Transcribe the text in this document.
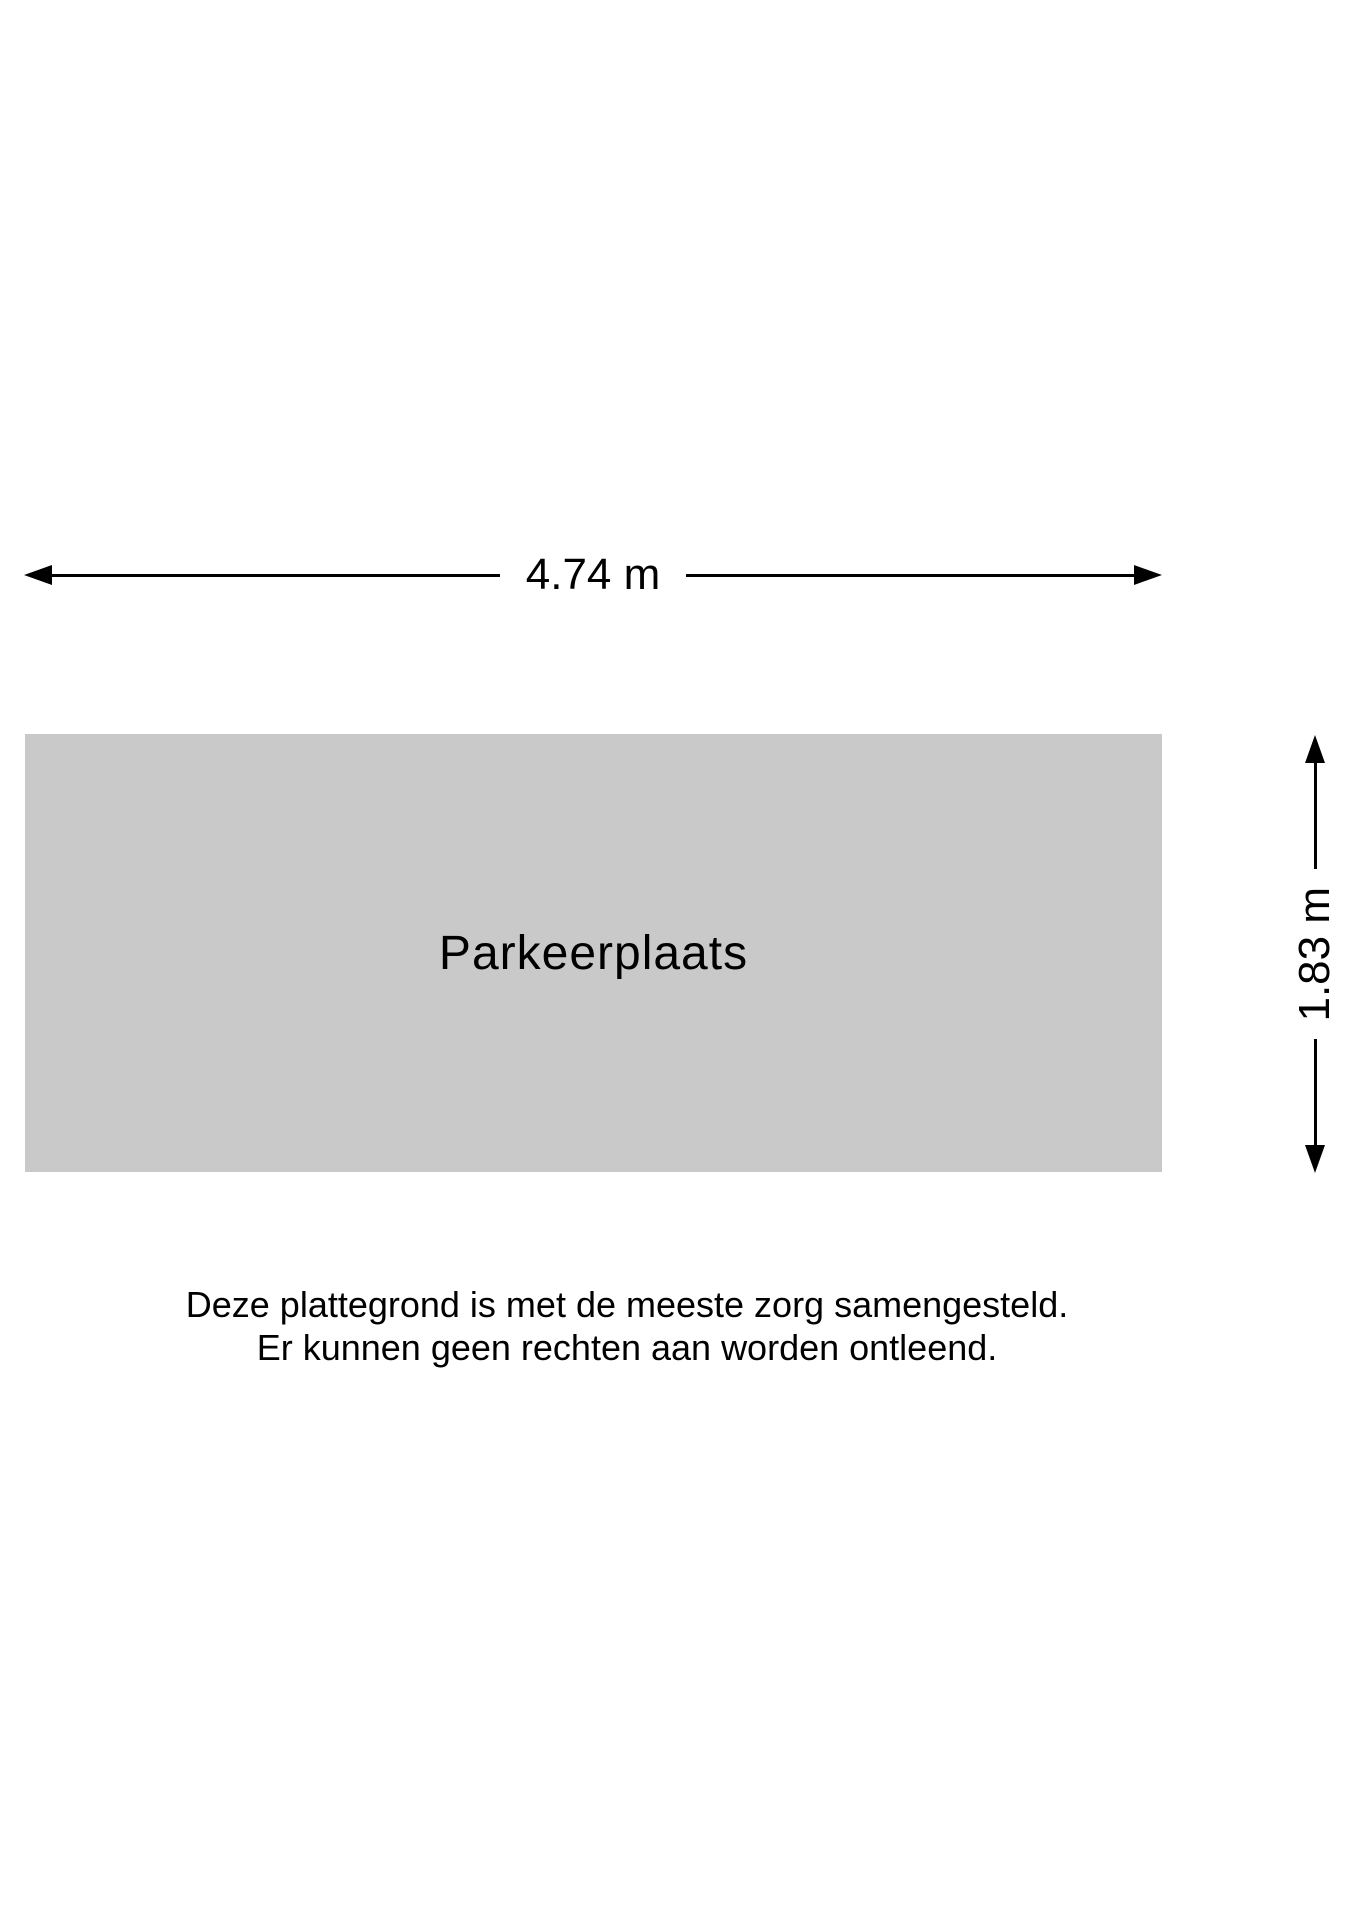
4.74 m
Parkeerplaats	1.83 m
Deze plattegrond is met de meeste zorg samengesteld.
Er kunnen geen rechten aan worden ontleend.
